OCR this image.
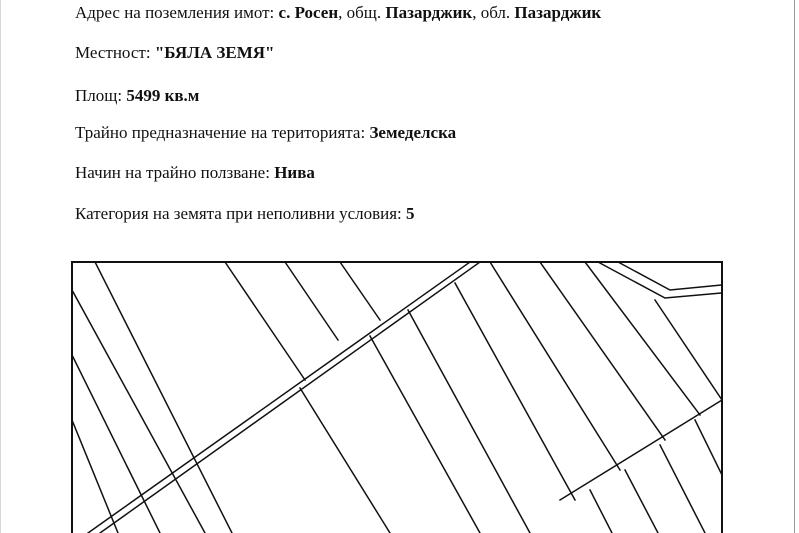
Адрес на поземления имот: с. Росен, общ. Пазарджик, обл. Пазарджик
Местност: "БЯЛА ЗЕМЯ"
Площ: 5499 кв.м
Трайно предназначение на територията: Земеделска
Начин на трайно ползване: Нива
Категория на земята при неполивни условия: 5
